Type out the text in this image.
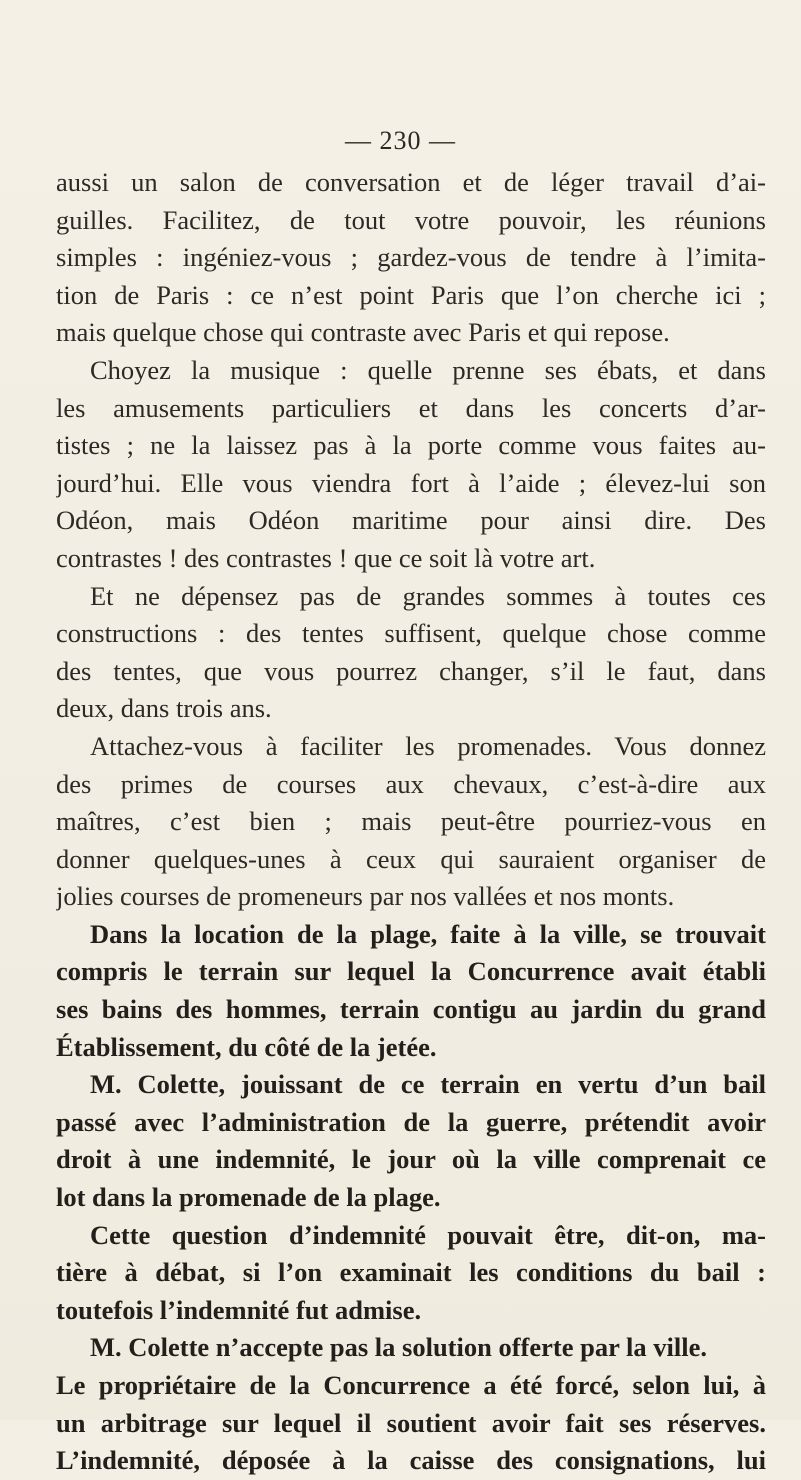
— 230 —
aussi un salon de conversation et de léger travail d’ai-
guilles. Facilitez, de tout votre pouvoir, les réunions
simples : ingéniez-vous ; gardez-vous de tendre à l’imita-
tion de Paris : ce n’est point Paris que l’on cherche ici ;
mais quelque chose qui contraste avec Paris et qui repose.
Choyez la musique : quelle prenne ses ébats, et dans
les amusements particuliers et dans les concerts d’ar-
tistes ; ne la laissez pas à la porte comme vous faites au-
jourd’hui. Elle vous viendra fort à l’aide ; élevez-lui son
Odéon, mais Odéon maritime pour ainsi dire. Des
contrastes ! des contrastes ! que ce soit là votre art.
Et ne dépensez pas de grandes sommes à toutes ces
constructions : des tentes suffisent, quelque chose comme
des tentes, que vous pourrez changer, s’il le faut, dans
deux, dans trois ans.
Attachez-vous à faciliter les promenades. Vous donnez
des primes de courses aux chevaux, c’est-à-dire aux
maîtres, c’est bien ; mais peut-être pourriez-vous en
donner quelques-unes à ceux qui sauraient organiser de
jolies courses de promeneurs par nos vallées et nos monts.
Dans la location de la plage, faite à la ville, se trouvait
compris le terrain sur lequel la Concurrence avait établi
ses bains des hommes, terrain contigu au jardin du grand
Établissement, du côté de la jetée.
M. Colette, jouissant de ce terrain en vertu d’un bail
passé avec l’administration de la guerre, prétendit avoir
droit à une indemnité, le jour où la ville comprenait ce
lot dans la promenade de la plage.
Cette question d’indemnité pouvait être, dit-on, ma-
tière à débat, si l’on examinait les conditions du bail :
toutefois l’indemnité fut admise.
M. Colette n’accepte pas la solution offerte par la ville.
Le propriétaire de la Concurrence a été forcé, selon lui, à
un arbitrage sur lequel il soutient avoir fait ses réserves.
L’indemnité, déposée à la caisse des consignations, lui
